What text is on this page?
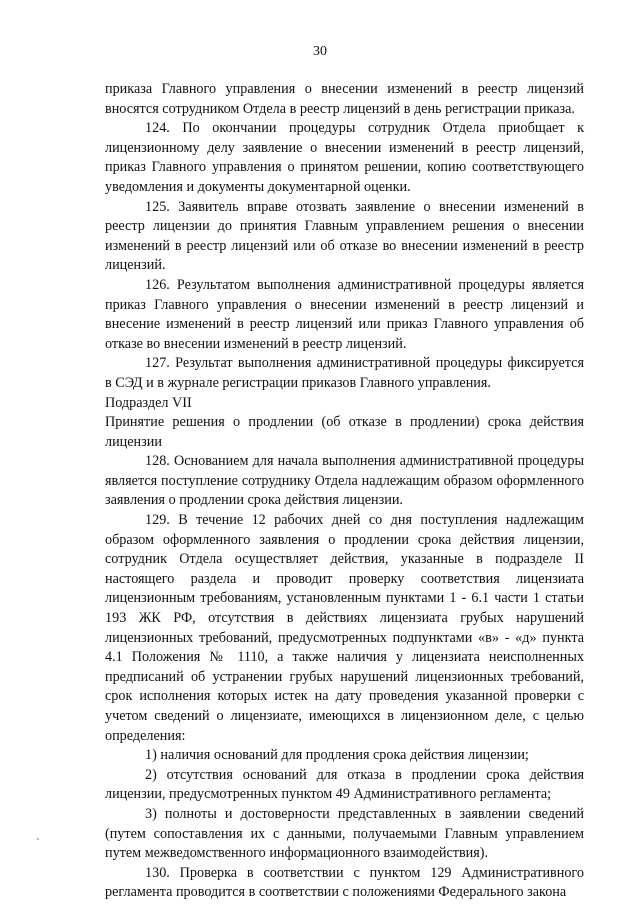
30

приказа Главного управления о внесении изменений в реестр лицензий вносятся сотрудником Отдела в реестр лицензий в день регистрации приказа.

124. По окончании процедуры сотрудник Отдела приобщает к лицензионному делу заявление о внесении изменений в реестр лицензий, приказ Главного управления о принятом решении, копию соответствующего уведомления и документы документарной оценки.

125. Заявитель вправе отозвать заявление о внесении изменений в реестр лицензии до принятия Главным управлением решения о внесении изменений в реестр лицензий или об отказе во внесении изменений в реестр лицензий.

126. Результатом выполнения административной процедуры является приказ Главного управления о внесении изменений в реестр лицензий и внесение изменений в реестр лицензий или приказ Главного управления об отказе во внесении изменений в реестр лицензий.

127. Результат выполнения административной процедуры фиксируется в СЭД и в журнале регистрации приказов Главного управления.

Подраздел VII

Принятие решения о продлении (об отказе в продлении) срока действия лицензии

128. Основанием для начала выполнения административной процедуры является поступление сотруднику Отдела надлежащим образом оформленного заявления о продлении срока действия лицензии.

129. В течение 12 рабочих дней со дня поступления надлежащим образом оформленного заявления о продлении срока действия лицензии, сотрудник Отдела осуществляет действия, указанные в подразделе II настоящего раздела и проводит проверку соответствия лицензиата лицензионным требованиям, установленным пунктами 1 - 6.1 части 1 статьи 193 ЖК РФ, отсутствия в действиях лицензиата грубых нарушений лицензионных требований, предусмотренных подпунктами «в» - «д» пункта 4.1 Положения № 1110, а также наличия у лицензиата неисполненных предписаний об устранении грубых нарушений лицензионных требований, срок исполнения которых истек на дату проведения указанной проверки с учетом сведений о лицензиате, имеющихся в лицензионном деле, с целью определения:

1) наличия оснований для продления срока действия лицензии;

2) отсутствия оснований для отказа в продлении срока действия лицензии, предусмотренных пунктом 49 Административного регламента;

3) полноты и достоверности представленных в заявлении сведений (путем сопоставления их с данными, получаемыми Главным управлением путем межведомственного информационного взаимодействия).

130. Проверка в соответствии с пунктом 129 Административного регламента проводится в соответствии с положениями Федерального закона
